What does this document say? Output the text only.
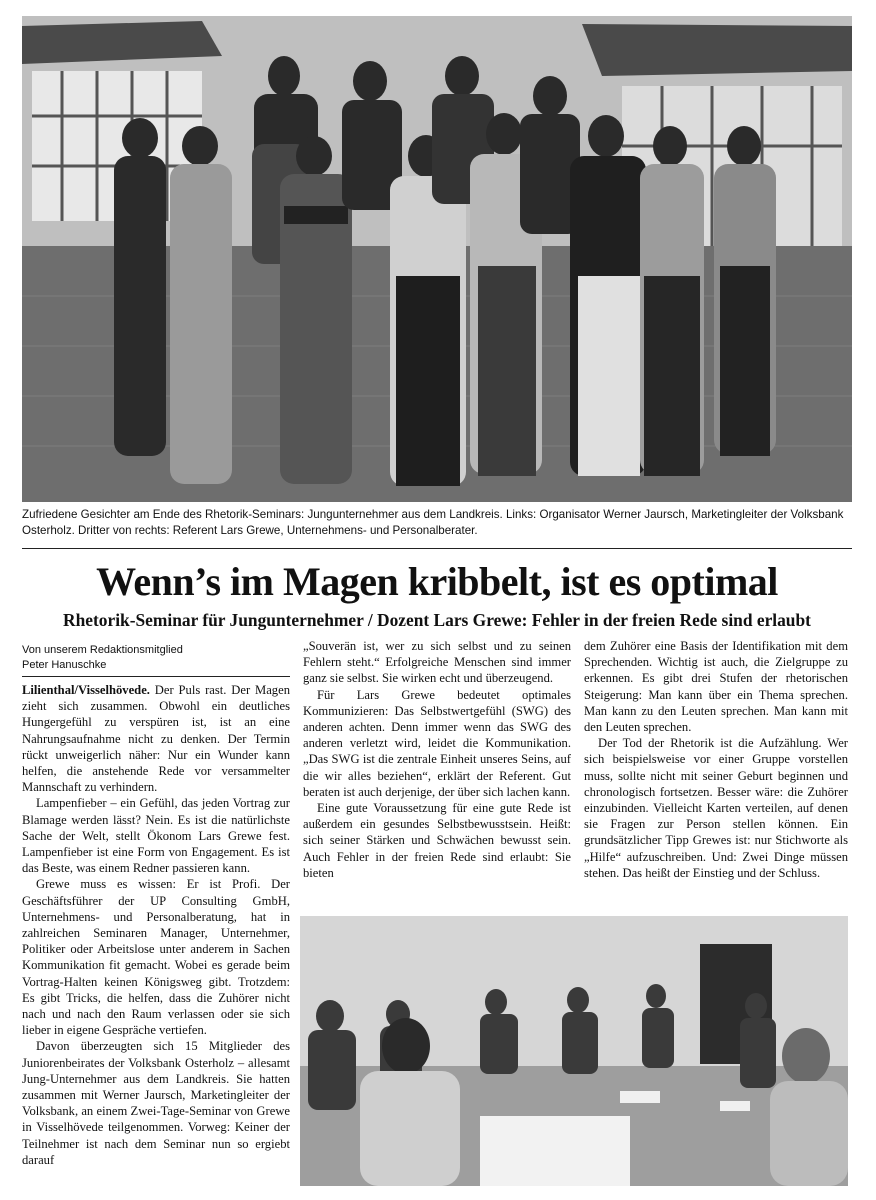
Zufriedene Gesichter am Ende des Rhetorik-Seminars: Jungunternehmer aus dem Landkreis. Links: Organisator Werner Jaursch, Marketingleiter der Volksbank Osterholz. Dritter von rechts: Referent Lars Grewe, Unternehmens- und Personalberater.
Wenn’s im Magen kribbelt, ist es optimal
Rhetorik-Seminar für Jungunternehmer / Dozent Lars Grewe: Fehler in der freien Rede sind erlaubt
Von unserem Redaktionsmitglied
Peter Hanuschke

Lilienthal/Visselhövede. Der Puls rast. Der Magen zieht sich zusammen. Obwohl ein deutliches Hungergefühl zu verspüren ist, ist an eine Nahrungsaufnahme nicht zu denken. Der Termin rückt unweigerlich näher: Nur ein Wunder kann helfen, die anstehende Rede vor versammelter Mannschaft zu verhindern.

Lampenfieber – ein Gefühl, das jeden Vortrag zur Blamage werden lässt? Nein. Es ist die natürlichste Sache der Welt, stellt Ökonom Lars Grewe fest. Lampenfieber ist eine Form von Engagement. Es ist das Beste, was einem Redner passieren kann.

Grewe muss es wissen: Er ist Profi. Der Geschäftsführer der UP Consulting GmbH, Unternehmens- und Personalberatung, hat in zahlreichen Seminaren Manager, Unternehmer, Politiker oder Arbeitslose unter anderem in Sachen Kommunikation fit gemacht. Wobei es gerade beim Vortrag-Halten keinen Königsweg gibt. Trotzdem: Es gibt Tricks, die helfen, dass die Zuhörer nicht nach und nach den Raum verlassen oder sie sich lieber in eigene Gespräche vertiefen.

Davon überzeugten sich 15 Mitglieder des Juniorenbeirates der Volksbank Osterholz – allesamt Jung-Unternehmer aus dem Landkreis. Sie hatten zusammen mit Werner Jaursch, Marketingleiter der Volksbank, an einem Zwei-Tage-Seminar von Grewe in Visselhövede teilgenommen. Vorweg: Keiner der Teilnehmer ist nach dem Seminar nun so ergiebt darauf

„Souverän ist, wer zu sich selbst und zu seinen Fehlern steht.“ Erfolgreiche Menschen sind immer ganz sie selbst. Sie wirken echt und überzeugend.

Für Lars Grewe bedeutet optimales Kommunizieren: Das Selbstwertgefühl (SWG) des anderen achten. Denn immer wenn das SWG des anderen verletzt wird, leidet die Kommunikation. „Das SWG ist die zentrale Einheit unseres Seins, auf die wir alles beziehen“, erklärt der Referent. Gut beraten ist auch derjenige, der über sich lachen kann.

Eine gute Voraussetzung für eine gute Rede ist außerdem ein gesundes Selbstbewusstsein. Heißt: sich seiner Stärken und Schwächen bewusst sein. Auch Fehler in der freien Rede sind erlaubt: Sie bieten

dem Zuhörer eine Basis der Identifikation mit dem Sprechenden. Wichtig ist auch, die Zielgruppe zu erkennen. Es gibt drei Stufen der rhetorischen Steigerung: Man kann über ein Thema sprechen. Man kann zu den Leuten sprechen. Man kann mit den Leuten sprechen.

Der Tod der Rhetorik ist die Aufzählung. Wer sich beispielsweise vor einer Gruppe vorstellen muss, sollte nicht mit seiner Geburt beginnen und chronologisch fortsetzen. Besser wäre: die Zuhörer einzubinden. Vielleicht Karten verteilen, auf denen sie Fragen zur Person stellen können. Ein grundsätzlicher Tipp Grewes ist: nur Stichworte als „Hilfe“ aufzuschreiben. Und: Zwei Dinge müssen stehen. Das heißt der Einstieg und der Schluss.
